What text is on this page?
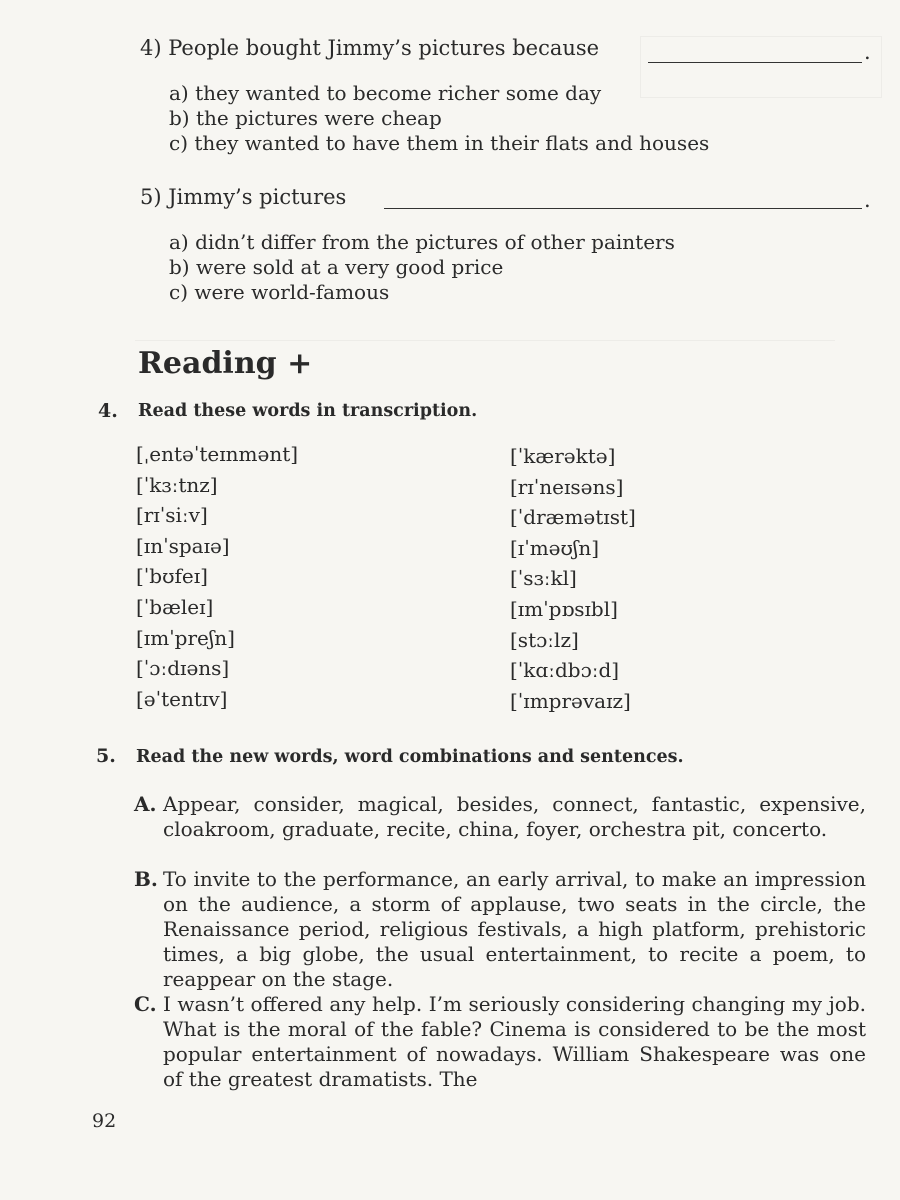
4) People bought Jimmy’s pictures because	.
a) they wanted to become richer some day
b) the pictures were cheap
c) they wanted to have them in their flats and houses
5) Jimmy’s pictures	.
a) didn’t differ from the pictures of other painters
b) were sold at a very good price
c) were world-famous
Reading +
4. Read these words in transcription.
[ˌentəˈteɪnmənt]
[ˈkɜːtnz]
[rɪˈsiːv]
[ɪnˈspaɪə]
[ˈbʊfeɪ]
[ˈbæleɪ]
[ɪmˈpreʃn]
[ˈɔːdɪəns]
[əˈtentɪv]
[ˈkærəktə]
[rɪˈneɪsəns]
[ˈdræmətɪst]
[ɪˈməʊʃn]
[ˈsɜːkl]
[ɪmˈpɒsɪbl]
[stɔːlz]
[ˈkɑːdbɔːd]
[ˈɪmprəvaɪz]
5. Read the new words, word combinations and sentences.
A. Appear, consider, magical, besides, connect, fantastic, expensive, cloakroom, graduate, recite, china, foyer, orchestra pit, concerto.
B. To invite to the performance, an early arrival, to make an impression on the audience, a storm of applause, two seats in the circle, the Renaissance period, religious festivals, a high platform, prehistoric times, a big globe, the usual entertainment, to recite a poem, to reappear on the stage.
C. I wasn’t offered any help. I’m seriously considering changing my job. What is the moral of the fable? Cinema is considered to be the most popular entertainment of nowadays. William Shakespeare was one of the greatest dramatists. The
92
